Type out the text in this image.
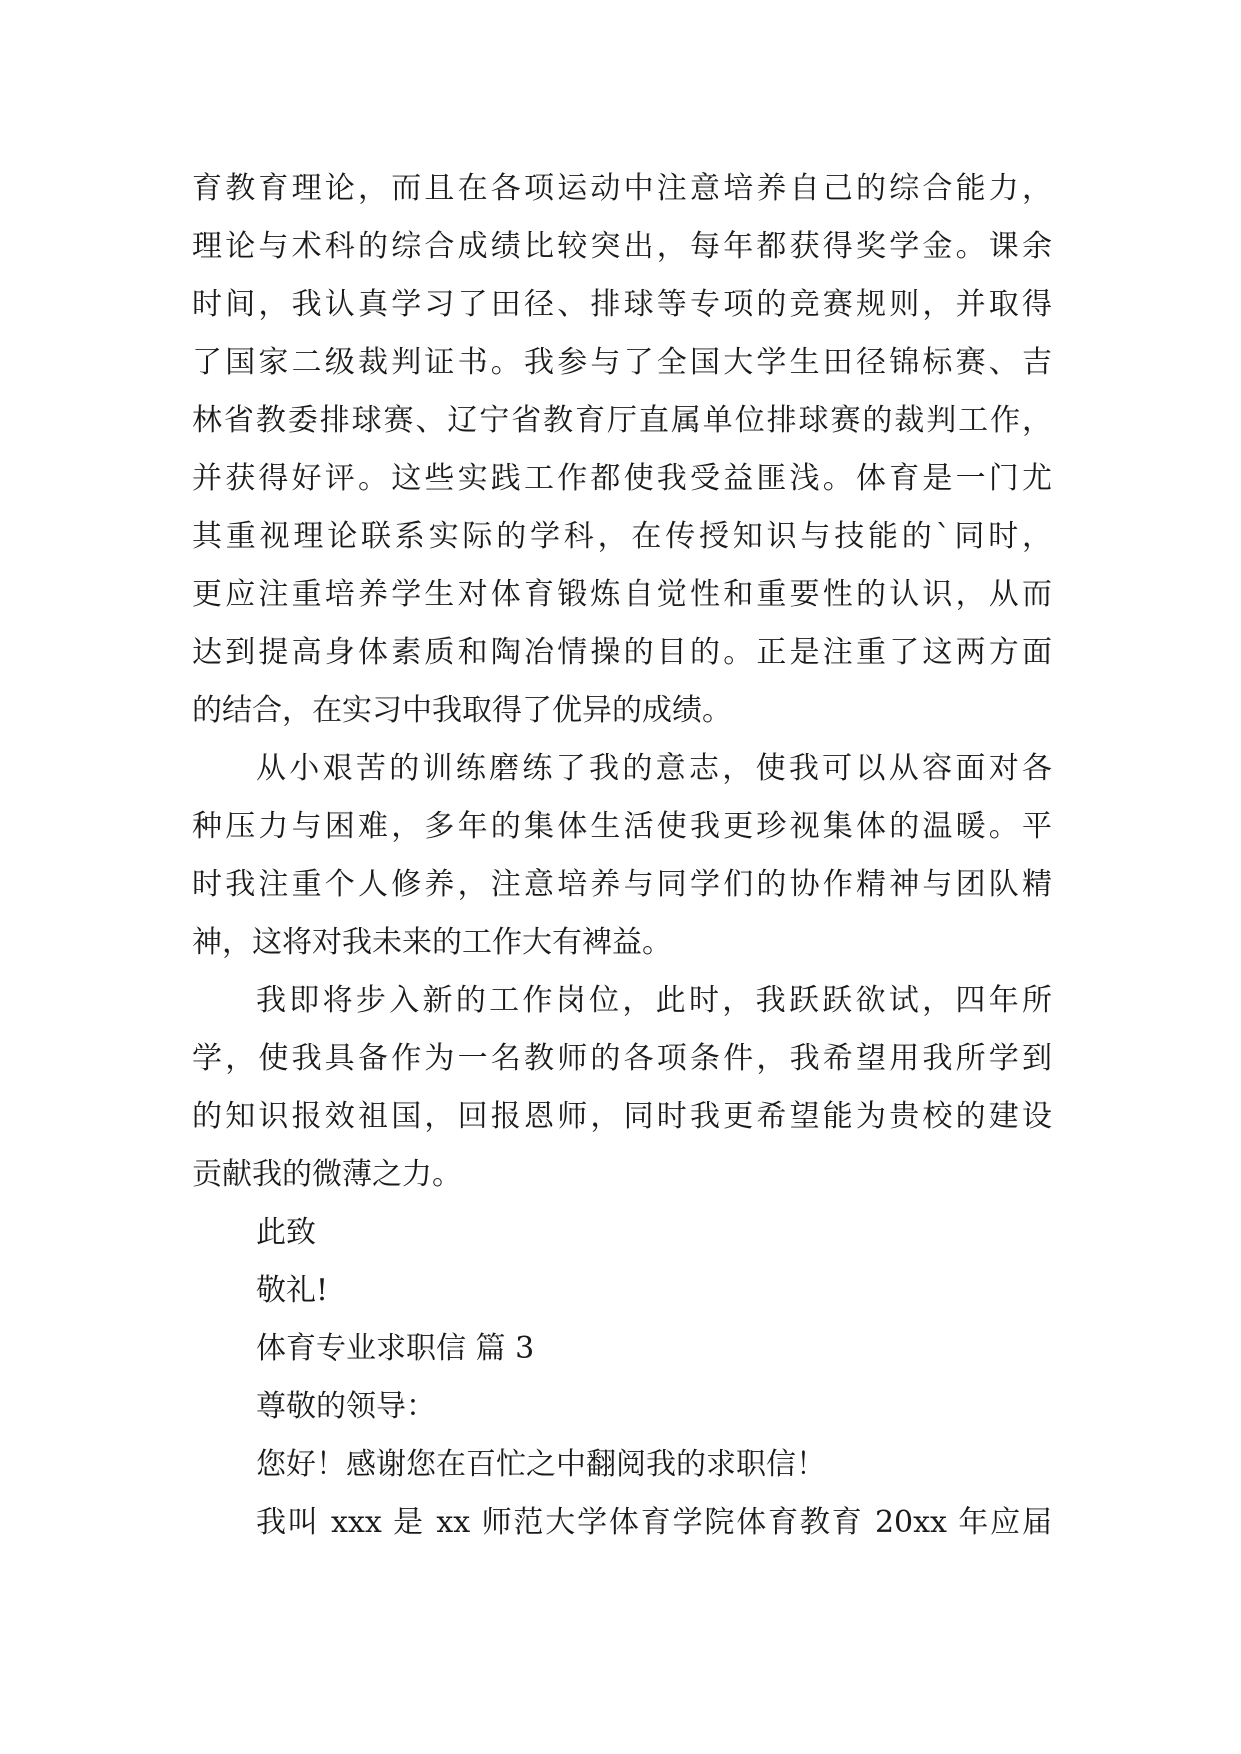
育教育理论，而且在各项运动中注意培养自己的综合能力，
理论与术科的综合成绩比较突出，每年都获得奖学金。课余
时间，我认真学习了田径、排球等专项的竞赛规则，并取得
了国家二级裁判证书。我参与了全国大学生田径锦标赛、吉
林省教委排球赛、辽宁省教育厅直属单位排球赛的裁判工作，
并获得好评。这些实践工作都使我受益匪浅。体育是一门尤
其重视理论联系实际的学科，在传授知识与技能的`同时，
更应注重培养学生对体育锻炼自觉性和重要性的认识，从而
达到提高身体素质和陶冶情操的目的。正是注重了这两方面
的结合，在实习中我取得了优异的成绩。
从小艰苦的训练磨练了我的意志，使我可以从容面对各
种压力与困难，多年的集体生活使我更珍视集体的温暖。平
时我注重个人修养，注意培养与同学们的协作精神与团队精
神，这将对我未来的工作大有裨益。
我即将步入新的工作岗位，此时，我跃跃欲试，四年所
学，使我具备作为一名教师的各项条件，我希望用我所学到
的知识报效祖国，回报恩师，同时我更希望能为贵校的建设
贡献我的微薄之力。
此致
敬礼!
体育专业求职信 篇 3
尊敬的领导：
您好！感谢您在百忙之中翻阅我的求职信！
我叫 xxx 是 xx 师范大学体育学院体育教育 20xx 年应届
